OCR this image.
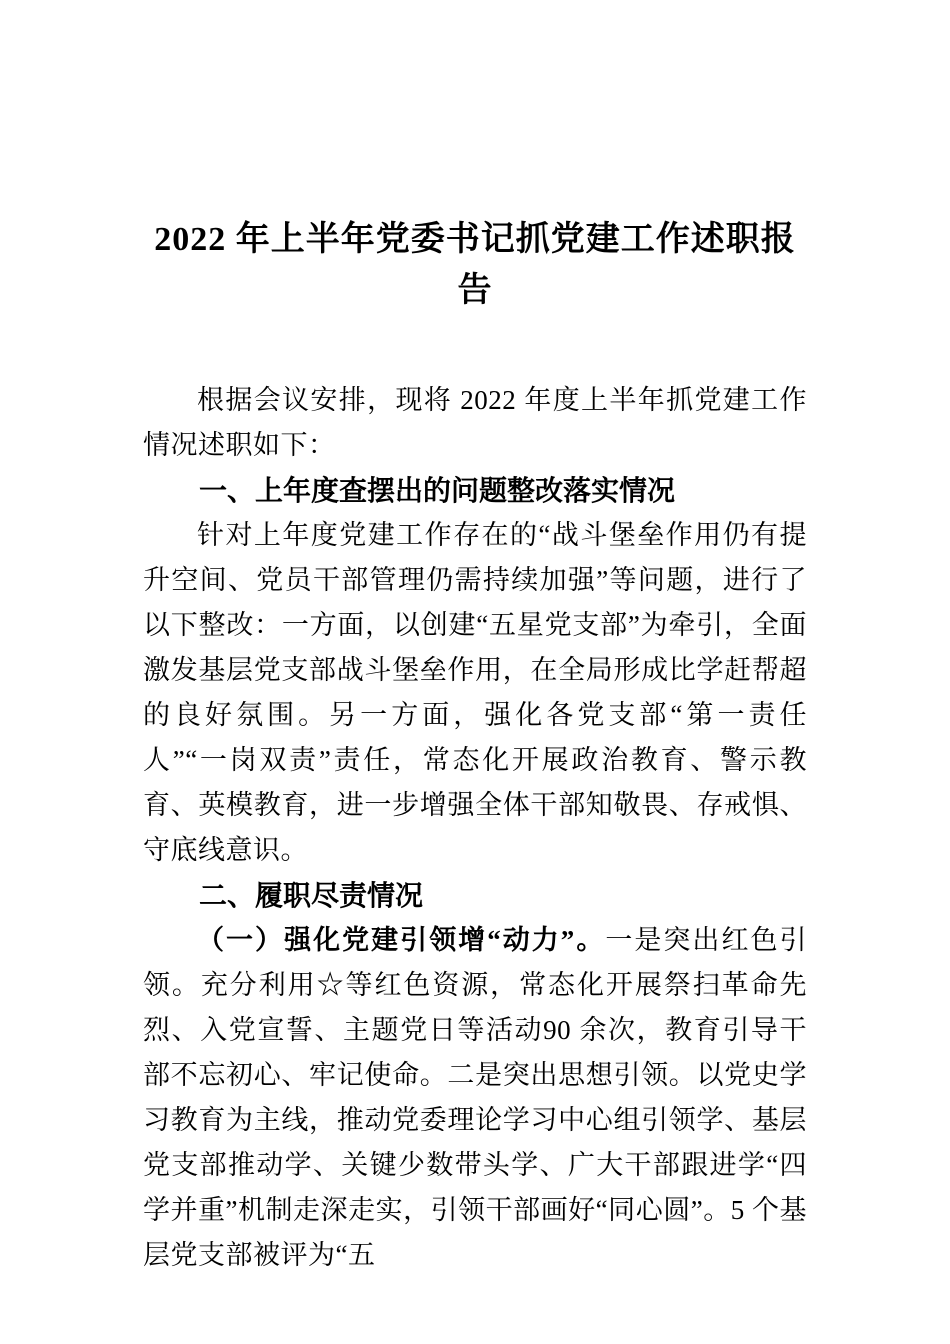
2022 年上半年党委书记抓党建工作述职报告

根据会议安排，现将 2022 年度上半年抓党建工作情况述职如下：

一、上年度查摆出的问题整改落实情况

针对上年度党建工作存在的“战斗堡垒作用仍有提升空间、党员干部管理仍需持续加强”等问题，进行了以下整改：一方面，以创建“五星党支部”为牵引，全面激发基层党支部战斗堡垒作用，在全局形成比学赶帮超的良好氛围。另一方面，强化各党支部“第一责任人”“一岗双责”责任，常态化开展政治教育、警示教育、英模教育，进一步增强全体干部知敬畏、存戒惧、守底线意识。

二、履职尽责情况

（一）强化党建引领增“动力”。一是突出红色引领。充分利用☆等红色资源，常态化开展祭扫革命先烈、入党宣誓、主题党日等活动90 余次，教育引导干部不忘初心、牢记使命。二是突出思想引领。以党史学习教育为主线，推动党委理论学习中心组引领学、基层党支部推动学、关键少数带头学、广大干部跟进学“四学并重”机制走深走实，引领干部画好“同心圆”。5 个基层党支部被评为“五
